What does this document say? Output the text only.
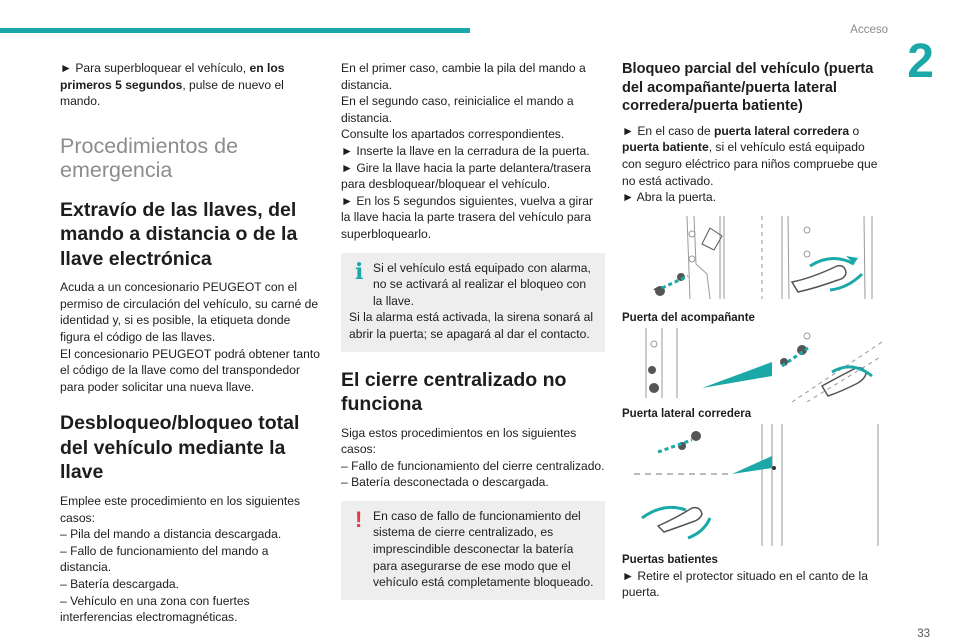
Acceso
2

► Para superbloquear el vehículo, en los primeros 5 segundos, pulse de nuevo el mando.

Procedimientos de emergencia
Extravío de las llaves, del mando a distancia o de la llave electrónica

Acuda a un concesionario PEUGEOT con el permiso de circulación del vehículo, su carné de identidad y, si es posible, la etiqueta donde figura el código de las llaves.

El concesionario PEUGEOT podrá obtener tanto el código de la llave como del transpondedor para poder solicitar una nueva llave.

Desbloqueo/bloqueo total del vehículo mediante la llave

Emplee este procedimiento en los siguientes casos:

– Pila del mando a distancia descargada.

– Fallo de funcionamiento del mando a distancia.

– Batería descargada.

– Vehículo en una zona con fuertes interferencias electromagnéticas.

En el primer caso, cambie la pila del mando a distancia.

En el segundo caso, reinicialice el mando a distancia.

Consulte los apartados correspondientes.

► Inserte la llave en la cerradura de la puerta.

► Gire la llave hacia la parte delantera/trasera para desbloquear/bloquear el vehículo.

► En los 5 segundos siguientes, vuelva a girar la llave hacia la parte trasera del vehículo para superbloquearlo.

i Si el vehículo está equipado con alarma, no se activará al realizar el bloqueo con la llave.

Si la alarma está activada, la sirena sonará al abrir la puerta; se apagará al dar el contacto.

El cierre centralizado no funciona

Siga estos procedimientos en los siguientes casos:

– Fallo de funcionamiento del cierre centralizado.

– Batería desconectada o descargada.

! En caso de fallo de funcionamiento del sistema de cierre centralizado, es imprescindible desconectar la batería para asegurarse de ese modo que el vehículo está completamente bloqueado.

Bloqueo parcial del vehículo (puerta del acompañante/puerta lateral corredera/puerta batiente)

► En el caso de puerta lateral corredera o puerta batiente, si el vehículo está equipado con seguro eléctrico para niños compruebe que no está activado.

► Abra la puerta.

Puerta del acompañante
Puerta lateral corredera
Puertas batientes

► Retire el protector situado en el canto de la puerta.

33
